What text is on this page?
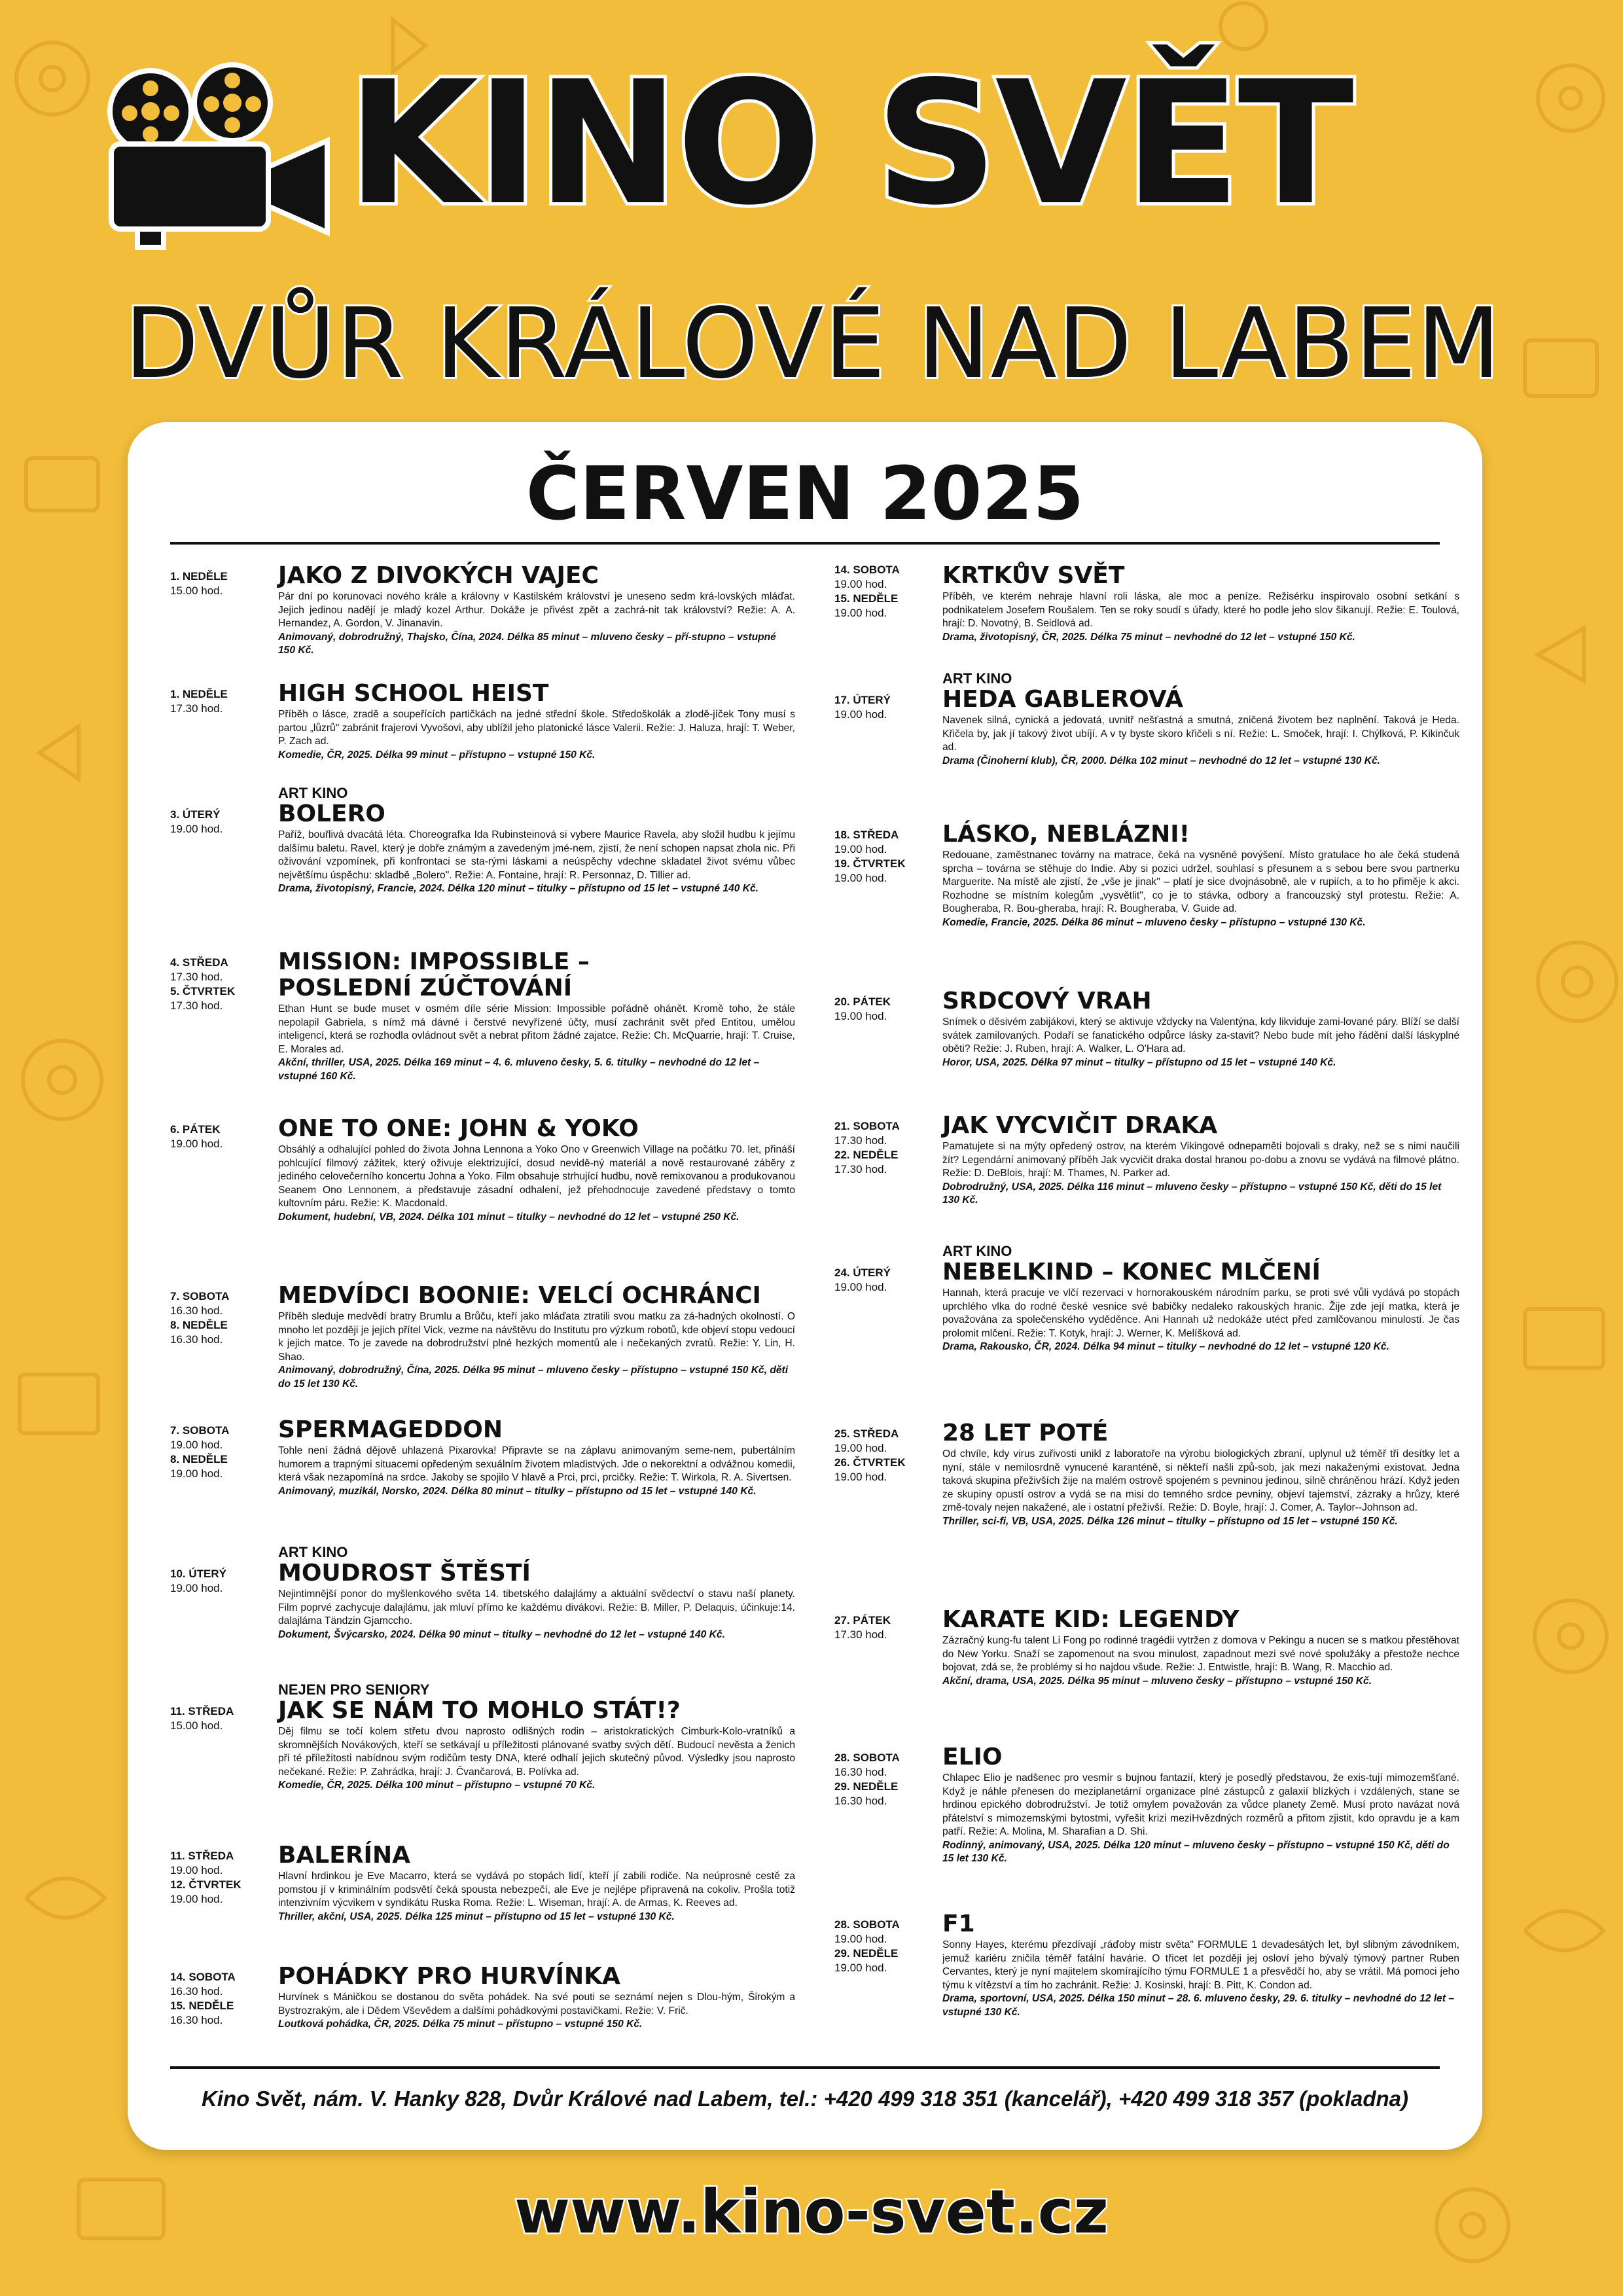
KINO SVĚT
DVŮR KRÁLOVÉ NAD LABEM
ČERVEN 2025
1. NEDĚLE
15.00 hod.
JAKO Z DIVOKÝCH VAJEC

Pár dní po korunovaci nového krále a královny v Kastilském království je uneseno sedm krá-lovských mláďat. Jejich jedinou nadějí je mladý kozel Arthur. Dokáže je přivést zpět a zachrá-nit tak království? Režie: A. A. Hernandez, A. Gordon, V. Jinanavin.

Animovaný, dobrodružný, Thajsko, Čína, 2024. Délka 85 minut – mluveno česky – pří-stupno – vstupné 150 Kč.

1. NEDĚLE
17.30 hod.
HIGH SCHOOL HEIST

Příběh o lásce, zradě a soupeřících partičkách na jedné střední škole. Středoškolák a zlodě-jíček Tony musí s partou „lůzrů" zabránit frajerovi Vyvošovi, aby ublížil jeho platonické lásce Valerii. Režie: J. Haluza, hrají: T. Weber, P. Zach ad.

Komedie, ČR, 2025. Délka 99 minut – přístupno – vstupné 150 Kč.

3. ÚTERÝ
19.00 hod.
ART KINO
BOLERO

Paříž, bouřlivá dvacátá léta. Choreografka Ida Rubinsteinová si vybere Maurice Ravela, aby složil hudbu k jejímu dalšímu baletu. Ravel, který je dobře známým a zavedeným jmé-nem, zjistí, že není schopen napsat zhola nic. Při oživování vzpomínek, při konfrontaci se sta-rými láskami a neúspěchy vdechne skladatel život svému vůbec největšímu úspěchu: skladbě „Bolero". Režie: A. Fontaine, hrají: R. Personnaz, D. Tillier ad.

Drama, životopisný, Francie, 2024. Délka 120 minut – titulky – přístupno od 15 let – vstupné 140 Kč.

4. STŘEDA
17.30 hod.
5. ČTVRTEK
17.30 hod.
MISSION: IMPOSSIBLE – POSLEDNÍ ZÚČTOVÁNÍ

Ethan Hunt se bude muset v osmém díle série Mission: Impossible pořádně ohánět. Kromě toho, že stále nepolapil Gabriela, s nímž má dávné i čerstvé nevyřízené účty, musí zachránit svět před Entitou, umělou inteligencí, která se rozhodla ovládnout svět a nebrat přitom žádné zajatce. Režie: Ch. McQuarrie, hrají: T. Cruise, E. Morales ad.

Akční, thriller, USA, 2025. Délka 169 minut – 4. 6. mluveno česky, 5. 6. titulky – nevhodné do 12 let – vstupné 160 Kč.

6. PÁTEK
19.00 hod.
ONE TO ONE: JOHN & YOKO

Obsáhlý a odhalující pohled do života Johna Lennona a Yoko Ono v Greenwich Village na počátku 70. let, přináší pohlcující filmový zážitek, který oživuje elektrizující, dosud nevidě-ný materiál a nově restaurované záběry z jediného celovečerního koncertu Johna a Yoko. Film obsahuje strhující hudbu, nově remixovanou a produkovanou Seanem Ono Lennonem, a představuje zásadní odhalení, jež přehodnocuje zavedené představy o tomto kultovním páru. Režie: K. Macdonald.

Dokument, hudební, VB, 2024. Délka 101 minut – titulky – nevhodné do 12 let – vstupné 250 Kč.

7. SOBOTA
16.30 hod.
8. NEDĚLE
16.30 hod.
MEDVÍDCI BOONIE: VELCÍ OCHRÁNCI

Příběh sleduje medvědí bratry Brumlu a Brůču, kteří jako mláďata ztratili svou matku za zá-hadných okolností. O mnoho let později je jejich přítel Vick, vezme na návštěvu do Institutu pro výzkum robotů, kde objeví stopu vedoucí k jejich matce. To je zavede na dobrodružství plné hezkých momentů ale i nečekaných zvratů. Režie: Y. Lin, H. Shao.

Animovaný, dobrodružný, Čína, 2025. Délka 95 minut – mluveno česky – přístupno – vstupné 150 Kč, děti do 15 let 130 Kč.

7. SOBOTA
19.00 hod.
8. NEDĚLE
19.00 hod.
SPERMAGEDDON

Tohle není žádná dějově uhlazená Pixarovka! Připravte se na záplavu animovaným seme-nem, pubertálním humorem a trapnými situacemi opředeným sexuálním životem mladistvých. Jde o nekorektní a odvážnou komedii, která však nezapomíná na srdce. Jakoby se spojilo V hlavě a Prci, prci, prcičky. Režie: T. Wirkola, R. A. Sivertsen.

Animovaný, muzikál, Norsko, 2024. Délka 80 minut – titulky – přístupno od 15 let – vstupné 140 Kč.

10. ÚTERÝ
19.00 hod.
ART KINO
MOUDROST ŠTĚSTÍ

Nejintimnější ponor do myšlenkového světa 14. tibetského dalajlámy a aktuální svědectví o stavu naší planety. Film poprvé zachycuje dalajlámu, jak mluví přímo ke každému divákovi. Režie: B. Miller, P. Delaquis, účinkuje:14. dalajláma Tändzin Gjamccho.

Dokument, Švýcarsko, 2024. Délka 90 minut – titulky – nevhodné do 12 let – vstupné 140 Kč.

11. STŘEDA
15.00 hod.
NEJEN PRO SENIORY
JAK SE NÁM TO MOHLO STÁT!?

Děj filmu se točí kolem střetu dvou naprosto odlišných rodin – aristokratických Cimburk-Kolo-vratníků a skromnějších Novákových, kteří se setkávají u příležitosti plánované svatby svých dětí. Budoucí nevěsta a ženich při té příležitosti nabídnou svým rodičům testy DNA, které odhalí jejich skutečný původ. Výsledky jsou naprosto nečekané. Režie: P. Zahrádka, hrají: J. Čvančarová, B. Polívka ad.

Komedie, ČR, 2025. Délka 100 minut – přístupno – vstupné 70 Kč.

11. STŘEDA
19.00 hod.
12. ČTVRTEK
19.00 hod.
BALERÍNA

Hlavní hrdinkou je Eve Macarro, která se vydává po stopách lidí, kteří jí zabili rodiče. Na neúprosné cestě za pomstou jí v kriminálním podsvětí čeká spousta nebezpečí, ale Eve je nejlépe připravená na cokoliv. Prošla totiž intenzivním výcvikem v syndikátu Ruska Roma. Režie: L. Wiseman, hrají: A. de Armas, K. Reeves ad.

Thriller, akční, USA, 2025. Délka 125 minut – přístupno od 15 let – vstupné 130 Kč.

14. SOBOTA
16.30 hod.
15. NEDĚLE
16.30 hod.
POHÁDKY PRO HURVÍNKA

Hurvínek s Máničkou se dostanou do světa pohádek. Na své pouti se seznámí nejen s Dlou-hým, Širokým a Bystrozrakým, ale i Dědem Vševědem a dalšími pohádkovými postavičkami. Režie: V. Frič.

Loutková pohádka, ČR, 2025. Délka 75 minut – přístupno – vstupné 150 Kč.

14. SOBOTA
19.00 hod.
15. NEDĚLE
19.00 hod.
KRTKŮV SVĚT

Příběh, ve kterém nehraje hlavní roli láska, ale moc a peníze. Režisérku inspirovalo osobní setkání s podnikatelem Josefem Roušalem. Ten se roky soudí s úřady, které ho podle jeho slov šikanují. Režie: E. Toulová, hrají: D. Novotný, B. Seidlová ad.

Drama, životopisný, ČR, 2025. Délka 75 minut – nevhodné do 12 let – vstupné 150 Kč.

17. ÚTERÝ
19.00 hod.
ART KINO
HEDA GABLEROVÁ

Navenek silná, cynická a jedovatá, uvnitř nešťastná a smutná, zničená životem bez naplnění. Taková je Heda. Křičela by, jak jí takový život ubíjí. A v ty byste skoro křičeli s ní. Režie: L. Smoček, hrají: I. Chýlková, P. Kikinčuk ad.

Drama (Činoherní klub), ČR, 2000. Délka 102 minut – nevhodné do 12 let – vstupné 130 Kč.

18. STŘEDA
19.00 hod.
19. ČTVRTEK
19.00 hod.
LÁSKO, NEBLÁZNI!

Redouane, zaměstnanec továrny na matrace, čeká na vysněné povýšení. Místo gratulace ho ale čeká studená sprcha – továrna se stěhuje do Indie. Aby si pozici udržel, souhlasí s přesunem a s sebou bere svou partnerku Marguerite. Na místě ale zjistí, že „vše je jinak" – platí je sice dvojnásobně, ale v rupiích, a to ho přiměje k akci. Rozhodne se místním kolegům „vysvětlit", co je to stávka, odbory a francouzský styl protestu. Režie: A. Bougheraba, R. Bou-gheraba, hrají: R. Bougheraba, V. Guide ad.

Komedie, Francie, 2025. Délka 86 minut – mluveno česky – přístupno – vstupné 130 Kč.

20. PÁTEK
19.00 hod.
SRDCOVÝ VRAH

Snímek o děsivém zabijákovi, který se aktivuje vždycky na Valentýna, kdy likviduje zami-lované páry. Blíží se další svátek zamilovaných. Podaří se fanatického odpůrce lásky za-stavit? Nebo bude mít jeho řádění další láskyplné oběti? Režie: J. Ruben, hrají: A. Walker, L. O'Hara ad.

Horor, USA, 2025. Délka 97 minut – titulky – přístupno od 15 let – vstupné 140 Kč.

21. SOBOTA
17.30 hod.
22. NEDĚLE
17.30 hod.
JAK VYCVIČIT DRAKA

Pamatujete si na mýty opředený ostrov, na kterém Vikingové odnepaměti bojovali s draky, než se s nimi naučili žít? Legendární animovaný příběh Jak vycvičit draka dostal hranou po-dobu a znovu se vydává na filmové plátno. Režie: D. DeBlois, hrají: M. Thames, N. Parker ad.

Dobrodružný, USA, 2025. Délka 116 minut – mluveno česky – přístupno – vstupné 150 Kč, děti do 15 let 130 Kč.

24. ÚTERÝ
19.00 hod.
ART KINO
NEBELKIND – KONEC MLČENÍ

Hannah, která pracuje ve vlčí rezervaci v hornorakouském národním parku, se proti své vůli vydává po stopách uprchlého vlka do rodné české vesnice své babičky nedaleko rakouských hranic. Žije zde její matka, která je považována za společenského vyděděnce. Ani Hannah už nedokáže utéct před zamlčovanou minulostí. Je čas prolomit mlčení. Režie: T. Kotyk, hrají: J. Werner, K. Melíšková ad.

Drama, Rakousko, ČR, 2024. Délka 94 minut – titulky – nevhodné do 12 let – vstupné 120 Kč.

25. STŘEDA
19.00 hod.
26. ČTVRTEK
19.00 hod.
28 LET POTÉ

Od chvíle, kdy virus zuřivosti unikl z laboratoře na výrobu biologických zbraní, uplynul už téměř tři desítky let a nyní, stále v nemilosrdně vynucené karanténě, si někteří našli způ-sob, jak mezi nakaženými existovat. Jedna taková skupina přeživších žije na malém ostrově spojeném s pevninou jedinou, silně chráněnou hrází. Když jeden ze skupiny opustí ostrov a vydá se na misi do temného srdce pevniny, objeví tajemství, zázraky a hrůzy, které změ-tovaly nejen nakažené, ale i ostatní přeživší. Režie: D. Boyle, hrají: J. Comer, A. Taylor--Johnson ad.

Thriller, sci-fi, VB, USA, 2025. Délka 126 minut – titulky – přístupno od 15 let – vstupné 150 Kč.

27. PÁTEK
17.30 hod.
KARATE KID: LEGENDY

Zázračný kung-fu talent Li Fong po rodinné tragédii vytržen z domova v Pekingu a nucen se s matkou přestěhovat do New Yorku. Snaží se zapomenout na svou minulost, zapadnout mezi své nové spolužáky a přestože nechce bojovat, zdá se, že problémy si ho najdou všude. Režie: J. Entwistle, hrají: B. Wang, R. Macchio ad.

Akční, drama, USA, 2025. Délka 95 minut – mluveno česky – přístupno – vstupné 150 Kč.

28. SOBOTA
16.30 hod.
29. NEDĚLE
16.30 hod.
ELIO

Chlapec Elio je nadšenec pro vesmír s bujnou fantazií, který je posedlý představou, že exis-tují mimozemšťané. Když je náhle přenesen do meziplanetární organizace plné zástupců z galaxií blízkých i vzdálených, stane se hrdinou epického dobrodružství. Je totiž omylem považován za vůdce planety Země. Musí proto navázat nová přátelství s mimozemskými bytostmi, vyřešit krizi meziHvězdných rozměrů a přitom zjistit, kdo opravdu je a kam patří. Režie: A. Molina, M. Sharafian a D. Shi.

Rodinný, animovaný, USA, 2025. Délka 120 minut – mluveno česky – přístupno – vstupné 150 Kč, děti do 15 let 130 Kč.

28. SOBOTA
19.00 hod.
29. NEDĚLE
19.00 hod.
F1

Sonny Hayes, kterému přezdívají „ráďoby mistr světa" FORMULE 1 devadesátých let, byl slibným závodníkem, jemuž kariéru zničila téměř fatální havárie. O třicet let později jej osloví jeho bývalý týmový partner Ruben Cervantes, který je nyní majitelem skomírajícího týmu FORMULE 1 a přesvědčí ho, aby se vrátil. Má pomoci jeho týmu k vítězství a tím ho zachránit. Režie: J. Kosinski, hrají: B. Pitt, K. Condon ad.

Drama, sportovní, USA, 2025. Délka 150 minut – 28. 6. mluveno česky, 29. 6. titulky – nevhodné do 12 let – vstupné 130 Kč.

Kino Svět, nám. V. Hanky 828, Dvůr Králové nad Labem, tel.: +420 499 318 351 (kancelář), +420 499 318 357 (pokladna)
www.kino-svet.cz
